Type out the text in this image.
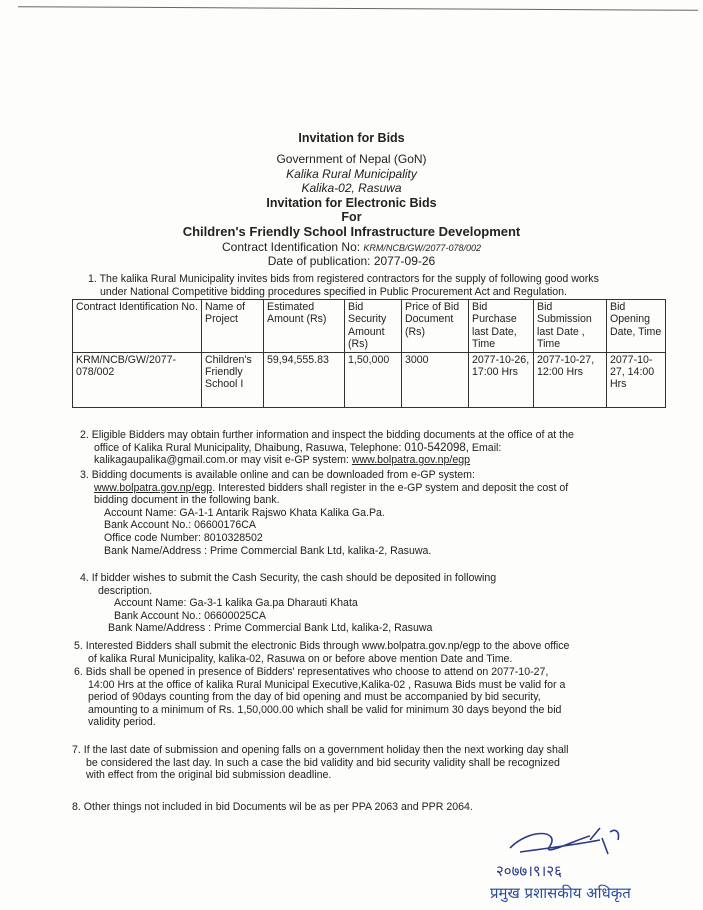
Invitation for Bids
Government of Nepal (GoN)
Kalika Rural Municipality
Kalika-02, Rasuwa
Invitation for Electronic Bids
For
Children's Friendly School Infrastructure Development
Contract Identification No: KRM/NCB/GW/2077-078/002
Date of publication: 2077-09-26
1. The kalika Rural Municipality invites bids from registered contractors for the supply of following good works
under National Competitive bidding procedures specified in Public Procurement Act and Regulation.
Contract Identification No.	Name of Project	Estimated Amount (Rs)	Bid Security Amount (Rs)	Price of Bid Document (Rs)	Bid Purchase last Date, Time	Bid Submission last Date , Time	Bid Opening Date, Time
KRM/NCB/GW/2077-078/002	Children's Friendly School I	59,94,555.83	1,50,000	3000	2077-10-26, 17:00 Hrs	2077-10-27, 12:00 Hrs	2077-10-27, 14:00 Hrs
2. Eligible Bidders may obtain further information and inspect the bidding documents at the office of at the
office of Kalika Rural Municipality, Dhaibung, Rasuwa, Telephone: 010-542098, Email:
kalikagaupalika@gmail.com.or may visit e-GP system: www.bolpatra.gov.np/egp
3. Bidding documents is available online and can be downloaded from e-GP system:
www.bolpatra.gov.np/egp. Interested bidders shall register in the e-GP system and deposit the cost of
bidding document in the following bank.
Account Name: GA-1-1 Antarik Rajswo Khata Kalika Ga.Pa.
Bank Account No.: 06600176CA
Office code Number: 8010328502
Bank Name/Address : Prime Commercial Bank Ltd, kalika-2, Rasuwa.
4. If bidder wishes to submit the Cash Security, the cash should be deposited in following
description.
Account Name: Ga-3-1 kalika Ga.pa Dharauti Khata
Bank Account No.: 06600025CA
Bank Name/Address : Prime Commercial Bank Ltd, kalika-2, Rasuwa
5. Interested Bidders shall submit the electronic Bids through www.bolpatra.gov.np/egp to the above office
of kalika Rural Municipality, kalika-02, Rasuwa on or before above mention Date and Time.
6. Bids shall be opened in presence of Bidders' representatives who choose to attend on 2077-10-27,
14:00 Hrs at the office of kalika Rural Municipal Executive,Kalika-02 , Rasuwa Bids must be valid for a
period of 90days counting from the day of bid opening and must be accompanied by bid security,
amounting to a minimum of Rs. 1,50,000.00 which shall be valid for minimum 30 days beyond the bid
validity period.
7. If the last date of submission and opening falls on a government holiday then the next working day shall
be considered the last day. In such a case the bid validity and bid security validity shall be recognized
with effect from the original bid submission deadline.
8. Other things not included in bid Documents wil be as per PPA 2063 and PPR 2064.
२०७७।९।२६
प्रमुख प्रशासकीय अधिकृत
